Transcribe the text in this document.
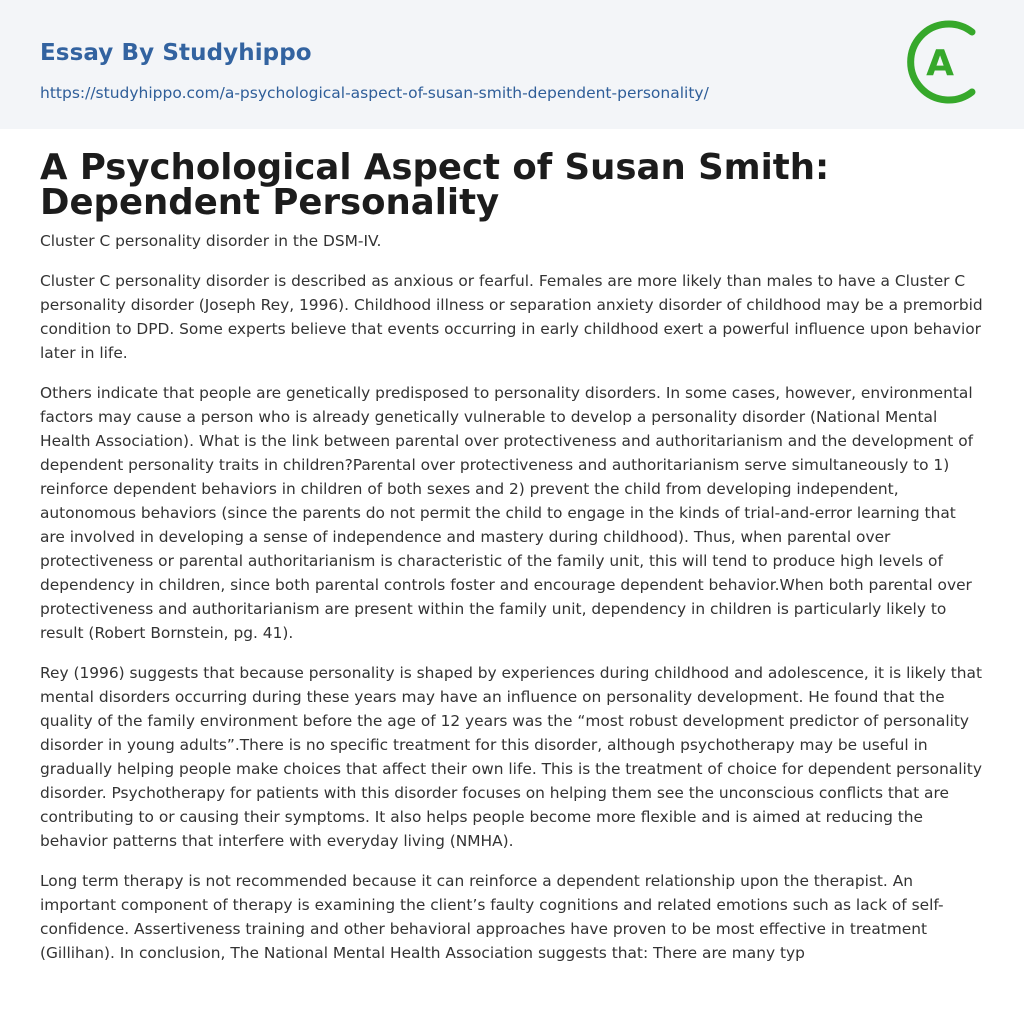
Essay By Studyhippo
https://studyhippo.com/a-psychological-aspect-of-susan-smith-dependent-personality/
A
A Psychological Aspect of Susan Smith: Dependent Personality

Cluster C personality disorder in the DSM-IV.

Cluster C personality disorder is described as anxious or fearful. Females are more likely than males to have a Cluster C personality disorder (Joseph Rey, 1996). Childhood illness or separation anxiety disorder of childhood may be a premorbid condition to DPD. Some experts believe that events occurring in early childhood exert a powerful influence upon behavior later in life.

Others indicate that people are genetically predisposed to personality disorders. In some cases, however, environmental factors may cause a person who is already genetically vulnerable to develop a personality disorder (National Mental Health Association). What is the link between parental over protectiveness and authoritarianism and the development of dependent personality traits in children?Parental over protectiveness and authoritarianism serve simultaneously to 1) reinforce dependent behaviors in children of both sexes and 2) prevent the child from developing independent, autonomous behaviors (since the parents do not permit the child to engage in the kinds of trial-and-error learning that are involved in developing a sense of independence and mastery during childhood). Thus, when parental over protectiveness or parental authoritarianism is characteristic of the family unit, this will tend to produce high levels of dependency in children, since both parental controls foster and encourage dependent behavior.When both parental over protectiveness and authoritarianism are present within the family unit, dependency in children is particularly likely to result (Robert Bornstein, pg. 41).

Rey (1996) suggests that because personality is shaped by experiences during childhood and adolescence, it is likely that mental disorders occurring during these years may have an influence on personality development. He found that the quality of the family environment before the age of 12 years was the “most robust development predictor of personality disorder in young adults”.There is no specific treatment for this disorder, although psychotherapy may be useful in gradually helping people make choices that affect their own life. This is the treatment of choice for dependent personality disorder. Psychotherapy for patients with this disorder focuses on helping them see the unconscious conflicts that are contributing to or causing their symptoms. It also helps people become more flexible and is aimed at reducing the behavior patterns that interfere with everyday living (NMHA).

Long term therapy is not recommended because it can reinforce a dependent relationship upon the therapist. An important component of therapy is examining the client’s faulty cognitions and related emotions such as lack of self-confidence. Assertiveness training and other behavioral approaches have proven to be most effective in treatment (Gillihan). In conclusion, The National Mental Health Association suggests that: There are many typ
